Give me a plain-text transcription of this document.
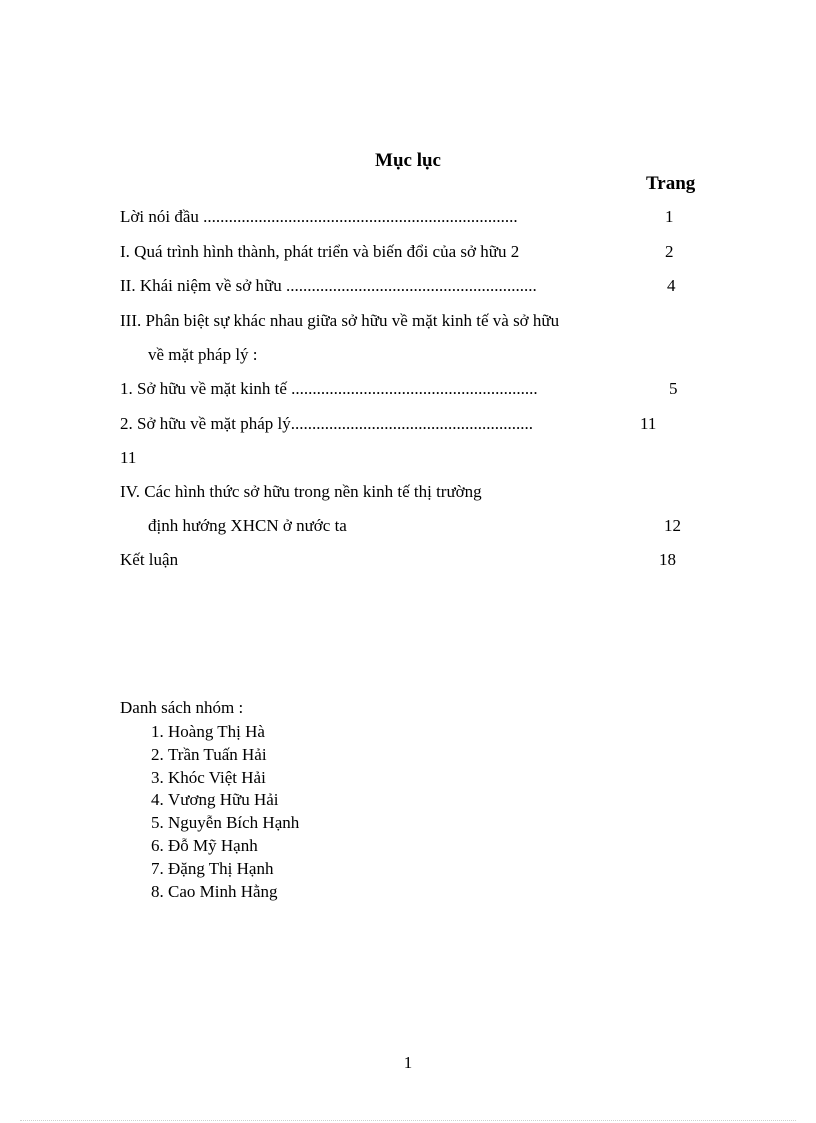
Mục lục
Trang
Lời nói đầu ..........................................................................	1
I. Quá trình hình thành, phát triển và biến đổi của sở hữu 2	2
II. Khái niệm về sở hữu ...........................................................	4
III. Phân biệt sự khác nhau giữa sở hữu về mặt kinh tế và sở hữu
về mặt pháp lý :
1. Sở hữu về mặt kinh tế ..........................................................	5
2. Sở hữu về mặt pháp lý.........................................................	11
11
IV. Các hình thức sở hữu trong nền kinh tế thị trường
định hướng XHCN ở nước ta	12
Kết luận	18
Danh sách nhóm :
1. Hoàng Thị Hà
2. Trần Tuấn Hải
3. Khóc Việt Hải
4. Vương Hữu Hải
5. Nguyễn Bích Hạnh
6. Đỗ Mỹ Hạnh
7. Đặng Thị Hạnh
8. Cao Minh Hằng
1
